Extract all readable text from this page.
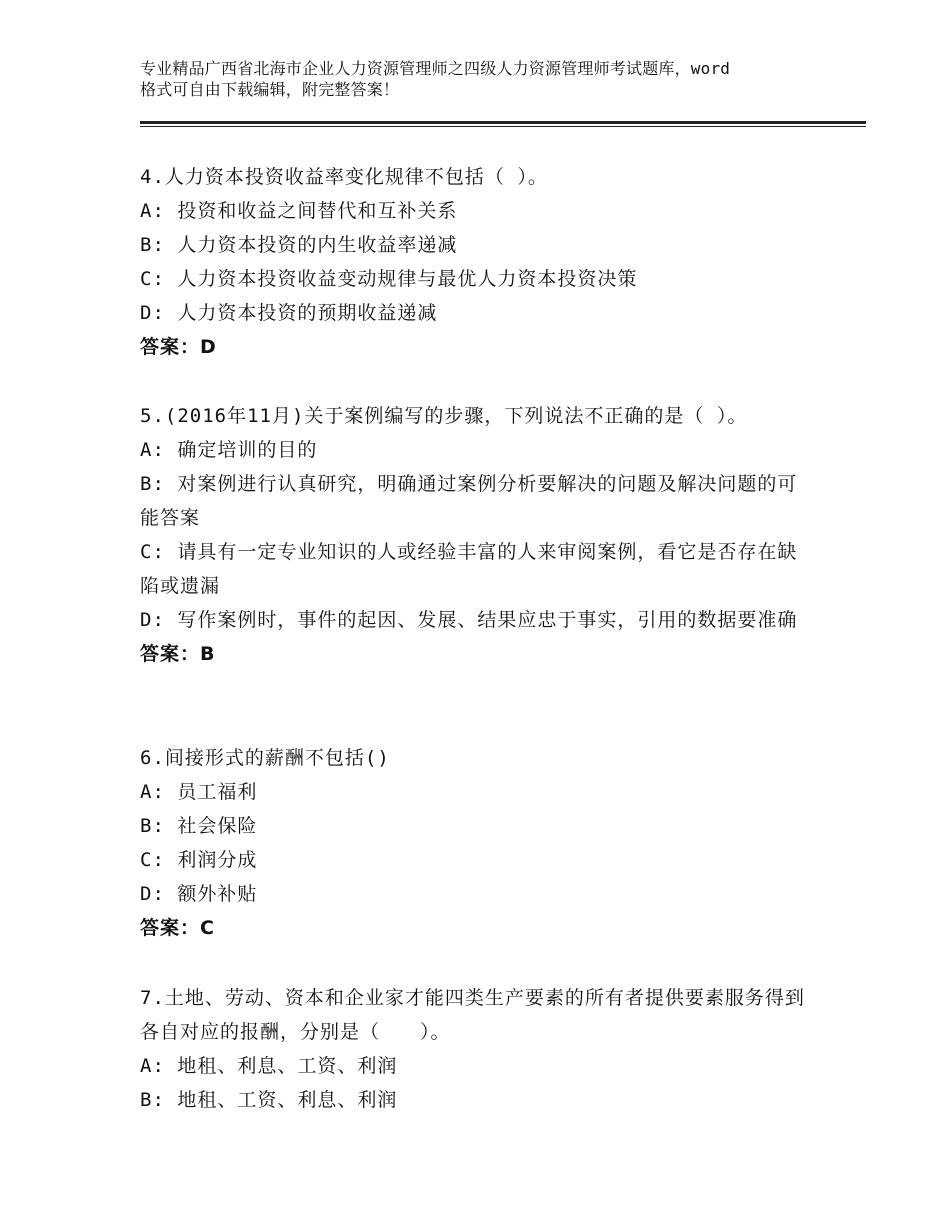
专业精品广西省北海市企业人力资源管理师之四级人力资源管理师考试题库，word
格式可自由下载编辑，附完整答案！

4.人力资本投资收益率变化规律不包括（ ）。

A: 投资和收益之间替代和互补关系

B: 人力资本投资的内生收益率递减

C: 人力资本投资收益变动规律与最优人力资本投资决策

D: 人力资本投资的预期收益递减

答案：D

5.(2016年11月)关于案例编写的步骤，下列说法不正确的是（ ）。

A: 确定培训的目的

B: 对案例进行认真研究，明确通过案例分析要解决的问题及解决问题的可能答案

C: 请具有一定专业知识的人或经验丰富的人来审阅案例，看它是否存在缺陷或遗漏

D: 写作案例时，事件的起因、发展、结果应忠于事实，引用的数据要准确

答案：B

6.间接形式的薪酬不包括()

A: 员工福利

B: 社会保险

C: 利润分成

D: 额外补贴

答案：C

7.土地、劳动、资本和企业家才能四类生产要素的所有者提供要素服务得到各自对应的报酬，分别是（　　）。

A: 地租、利息、工资、利润

B: 地租、工资、利息、利润
